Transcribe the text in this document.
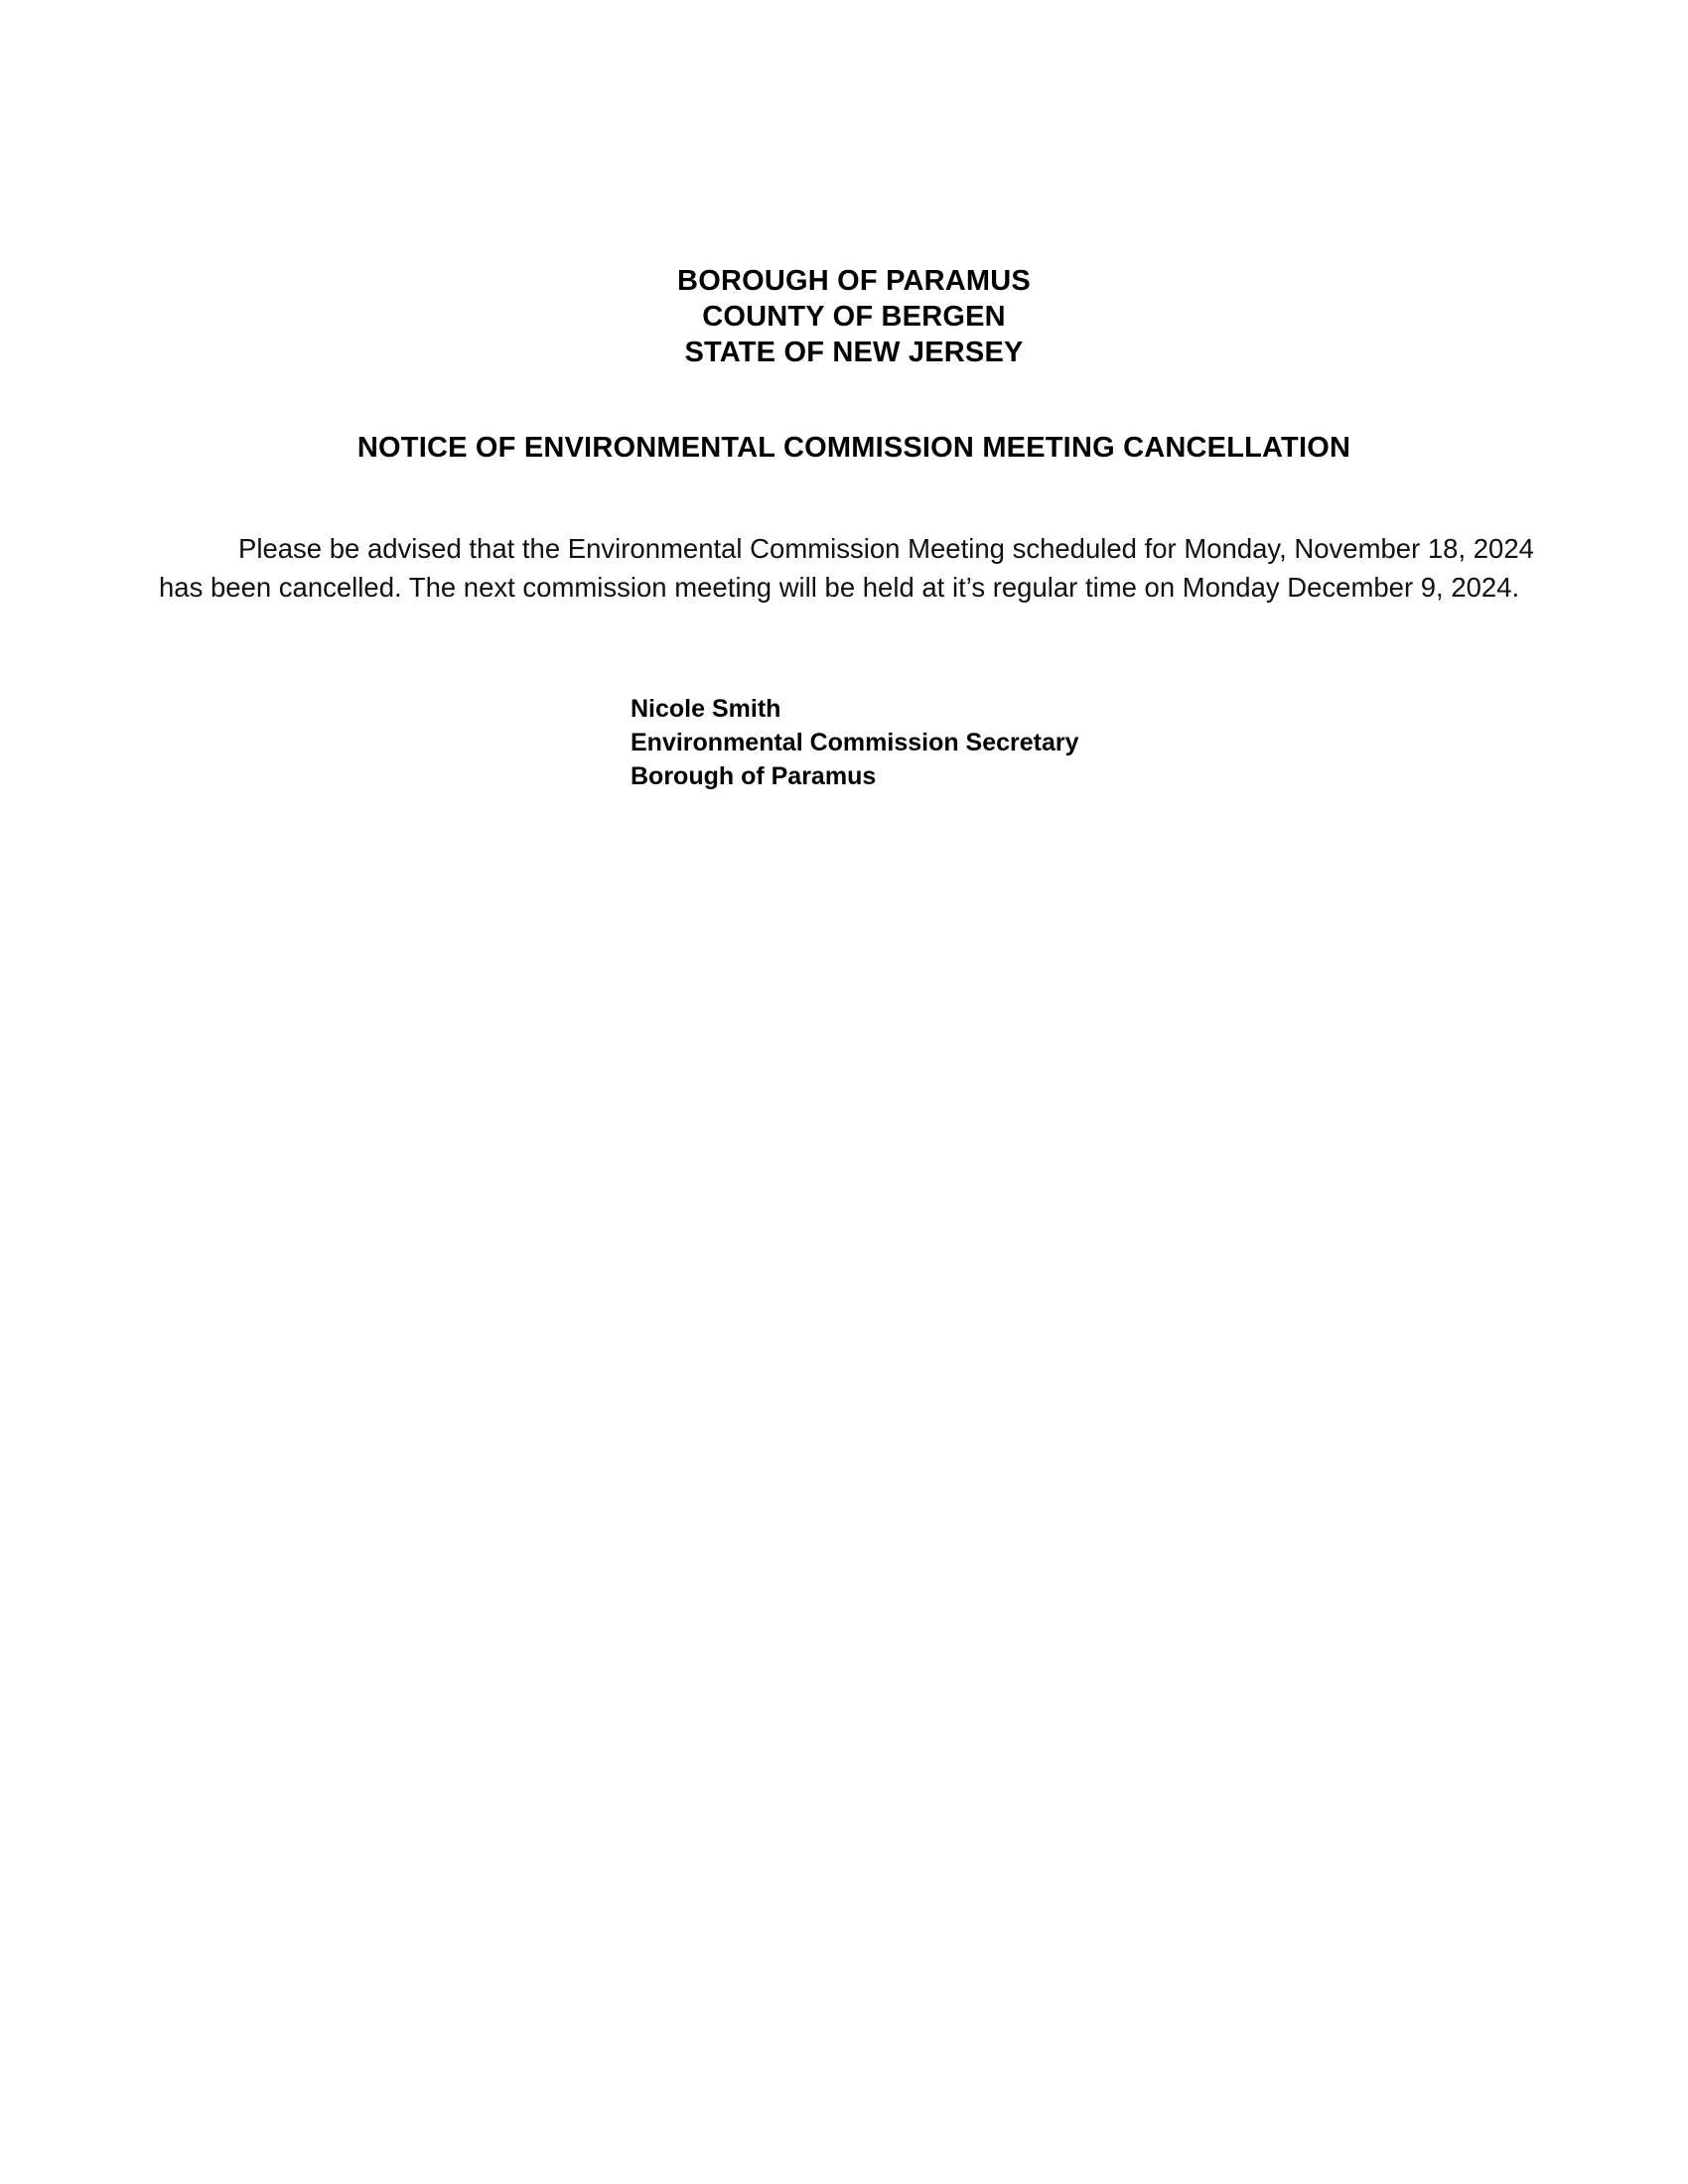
BOROUGH OF PARAMUS
COUNTY OF BERGEN
STATE OF NEW JERSEY
NOTICE OF ENVIRONMENTAL COMMISSION MEETING CANCELLATION

Please be advised that the Environmental Commission Meeting scheduled for Monday, November 18, 2024 has been cancelled. The next commission meeting will be held at it’s regular time on Monday December 9, 2024.

Nicole Smith
Environmental Commission Secretary
Borough of Paramus
